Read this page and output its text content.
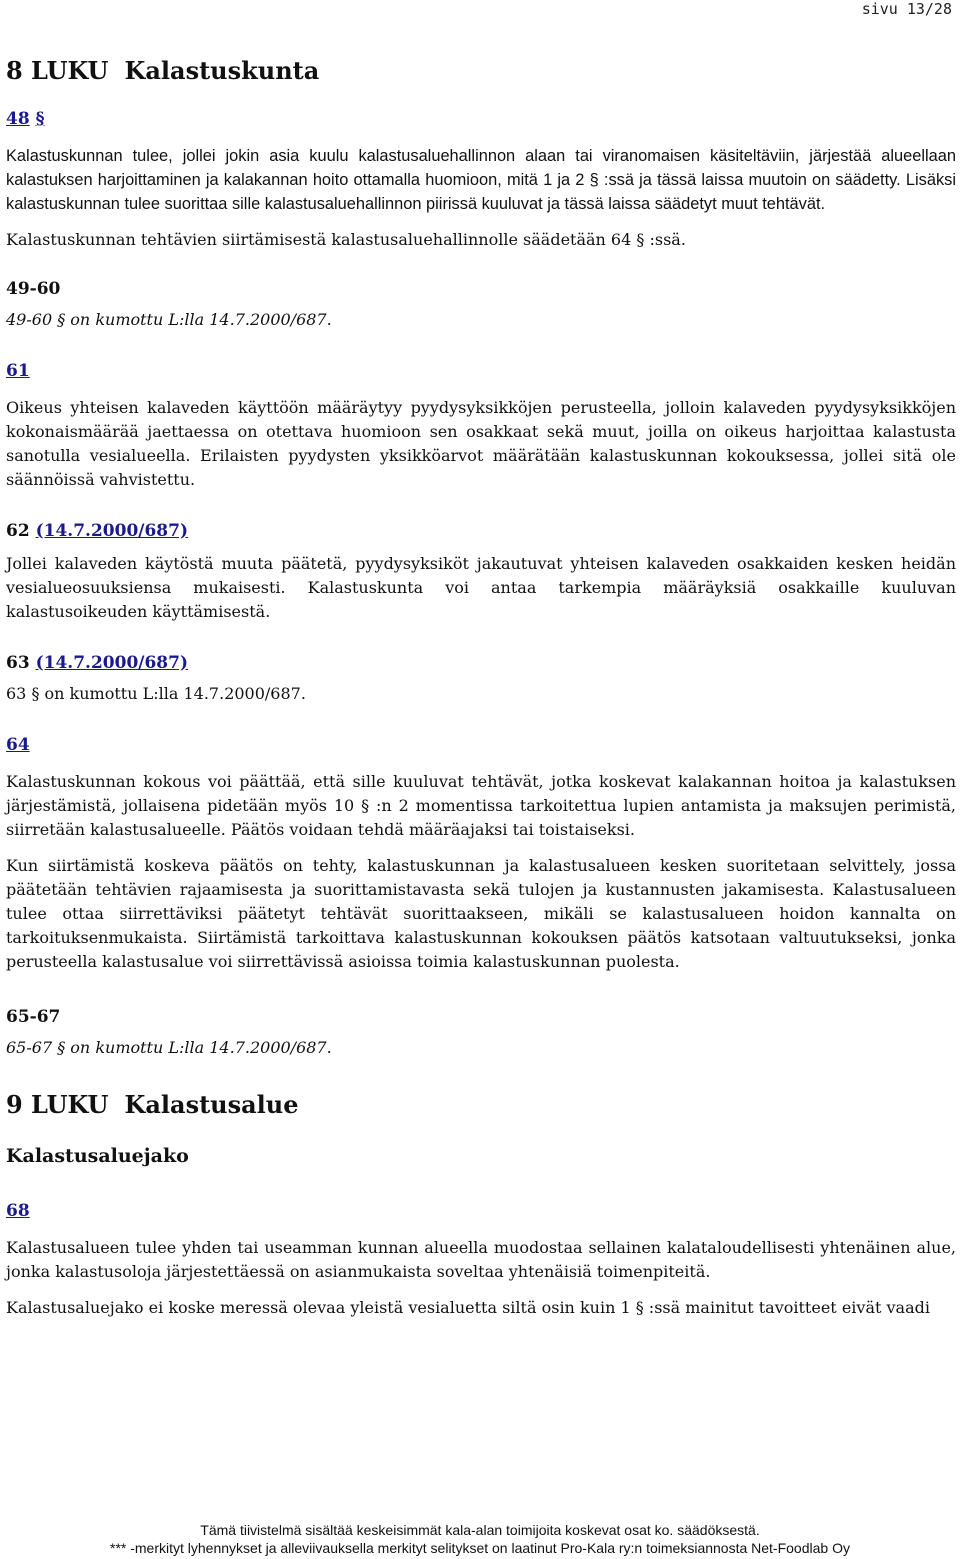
sivu 13/28
8 LUKU Kalastuskunta
48 §

Kalastuskunnan tulee, jollei jokin asia kuulu kalastusaluehallinnon alaan tai viranomaisen käsiteltäviin, järjestää alueellaan kalastuksen harjoittaminen ja kalakannan hoito ottamalla huomioon, mitä 1 ja 2 § :ssä ja tässä laissa muutoin on säädetty. Lisäksi kalastuskunnan tulee suorittaa sille kalastusaluehallinnon piirissä kuuluvat ja tässä laissa säädetyt muut tehtävät.

Kalastuskunnan tehtävien siirtämisestä kalastusaluehallinnolle säädetään 64 § :ssä.

49-60

49-60 § on kumottu L:lla 14.7.2000/687.

61

Oikeus yhteisen kalaveden käyttöön määräytyy pyydysyksikköjen perusteella, jolloin kalaveden pyydysyksikköjen kokonaismäärää jaettaessa on otettava huomioon sen osakkaat sekä muut, joilla on oikeus harjoittaa kalastusta sanotulla vesialueella. Erilaisten pyydysten yksikköarvot määrätään kalastuskunnan kokouksessa, jollei sitä ole säännöissä vahvistettu.

62 (14.7.2000/687)

Jollei kalaveden käytöstä muuta päätetä, pyydysyksiköt jakautuvat yhteisen kalaveden osakkaiden kesken heidän vesialueosuuksiensa mukaisesti. Kalastuskunta voi antaa tarkempia määräyksiä osakkaille kuuluvan kalastusoikeuden käyttämisestä.

63 (14.7.2000/687)

63 § on kumottu L:lla 14.7.2000/687.

64

Kalastuskunnan kokous voi päättää, että sille kuuluvat tehtävät, jotka koskevat kalakannan hoitoa ja kalastuksen järjestämistä, jollaisena pidetään myös 10 § :n 2 momentissa tarkoitettua lupien antamista ja maksujen perimistä, siirretään kalastusalueelle. Päätös voidaan tehdä määräajaksi tai toistaiseksi.

Kun siirtämistä koskeva päätös on tehty, kalastuskunnan ja kalastusalueen kesken suoritetaan selvittely, jossa päätetään tehtävien rajaamisesta ja suorittamistavasta sekä tulojen ja kustannusten jakamisesta. Kalastusalueen tulee ottaa siirrettäviksi päätetyt tehtävät suorittaakseen, mikäli se kalastusalueen hoidon kannalta on tarkoituksenmukaista. Siirtämistä tarkoittava kalastuskunnan kokouksen päätös katsotaan valtuutukseksi, jonka perusteella kalastusalue voi siirrettävissä asioissa toimia kalastuskunnan puolesta.

65-67

65-67 § on kumottu L:lla 14.7.2000/687.

9 LUKU Kalastusalue
Kalastusaluejako
68

Kalastusalueen tulee yhden tai useamman kunnan alueella muodostaa sellainen kalataloudellisesti yhtenäinen alue, jonka kalastusoloja järjestettäessä on asianmukaista soveltaa yhtenäisiä toimenpiteitä.

Kalastusaluejako ei koske meressä olevaa yleistä vesialuetta siltä osin kuin 1 § :ssä mainitut tavoitteet eivät vaadi

Tämä tiivistelmä sisältää keskeisimmät kala-alan toimijoita koskevat osat ko. säädöksestä.
*** -merkityt lyhennykset ja alleviivauksella merkityt selitykset on laatinut Pro-Kala ry:n toimeksiannosta Net-Foodlab Oy
